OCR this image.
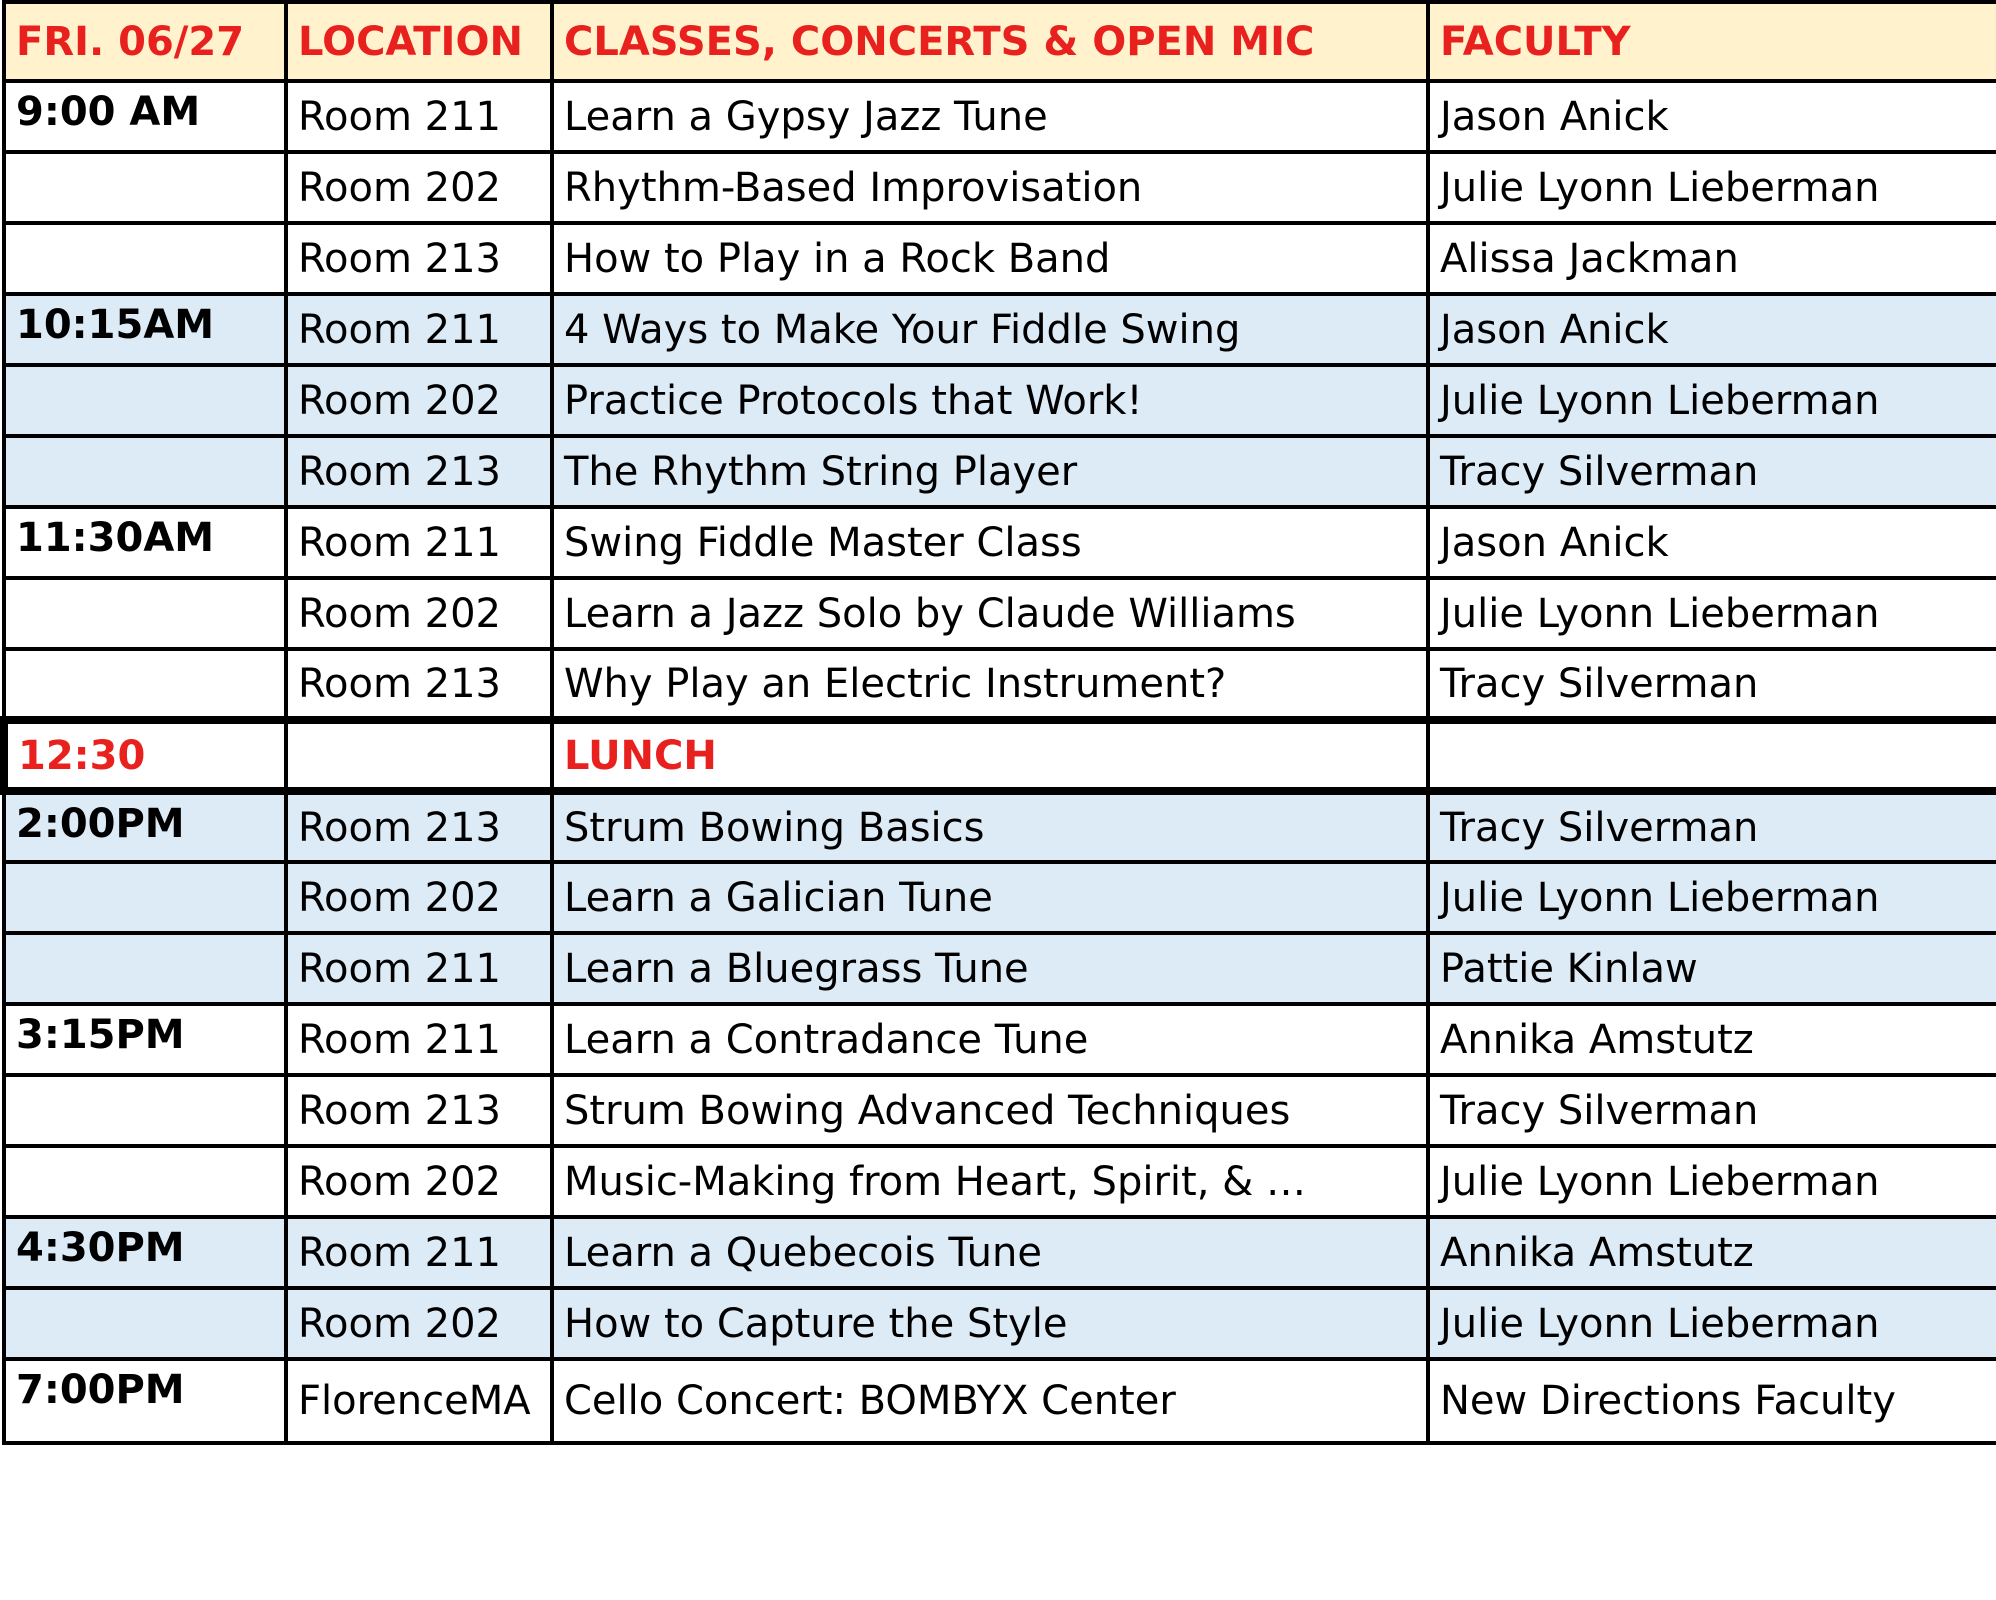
FRI. 06/27	LOCATION	CLASSES, CONCERTS & OPEN MIC	FACULTY
9:00 AM	Room 211	Learn a Gypsy Jazz Tune	Jason Anick
	Room 202	Rhythm-Based Improvisation	Julie Lyonn Lieberman
	Room 213	How to Play in a Rock Band	Alissa Jackman
10:15AM	Room 211	4 Ways to Make Your Fiddle Swing	Jason Anick
	Room 202	Practice Protocols that Work!	Julie Lyonn Lieberman
	Room 213	The Rhythm String Player	Tracy Silverman
11:30AM	Room 211	Swing Fiddle Master Class	Jason Anick
	Room 202	Learn a Jazz Solo by Claude Williams	Julie Lyonn Lieberman
	Room 213	Why Play an Electric Instrument?	Tracy Silverman
12:30		LUNCH	
2:00PM	Room 213	Strum Bowing Basics	Tracy Silverman
	Room 202	Learn a Galician Tune	Julie Lyonn Lieberman
	Room 211	Learn a Bluegrass Tune	Pattie Kinlaw
3:15PM	Room 211	Learn a Contradance Tune	Annika Amstutz
	Room 213	Strum Bowing Advanced Techniques	Tracy Silverman
	Room 202	Music-Making from Heart, Spirit, & …	Julie Lyonn Lieberman
4:30PM	Room 211	Learn a Quebecois Tune	Annika Amstutz
	Room 202	How to Capture the Style	Julie Lyonn Lieberman
7:00PM	FlorenceMA	Cello Concert: BOMBYX Center	New Directions Faculty
